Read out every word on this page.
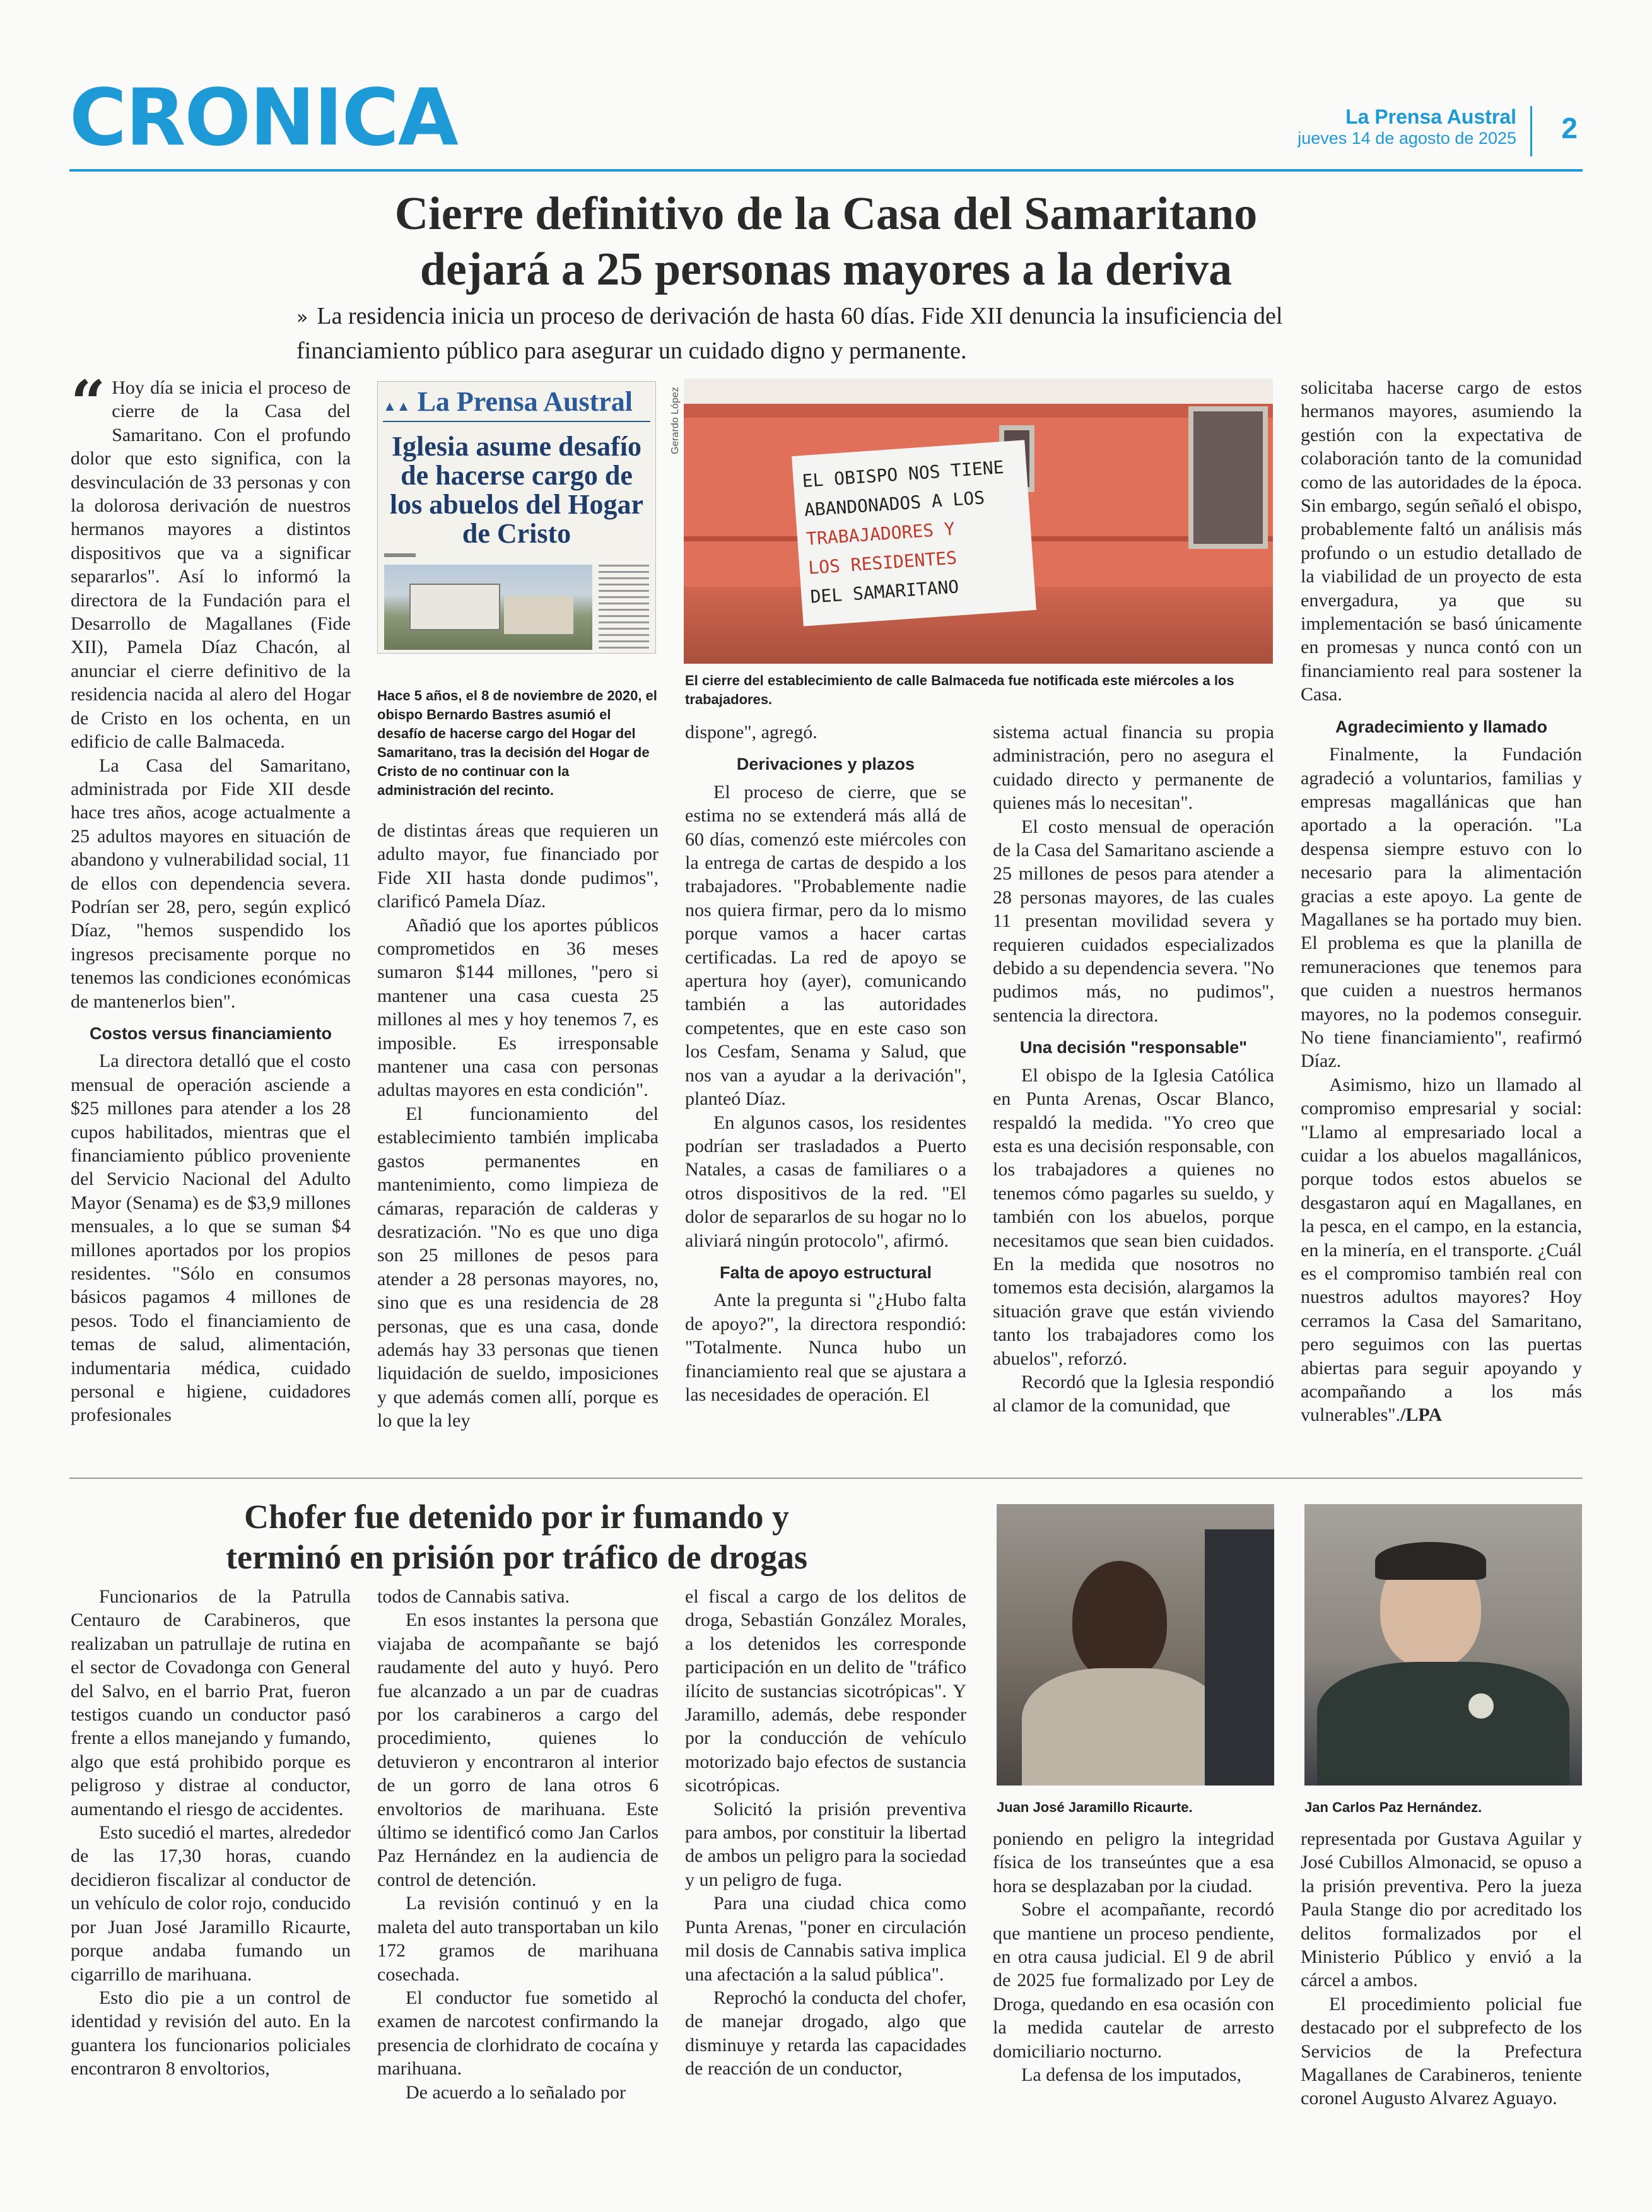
CRONICA	La Prensa Austral
jueves 14 de agosto de 2025 2
Cierre definitivo de la Casa del Samaritano
dejará a 25 personas mayores a la deriva
» La residencia inicia un proceso de derivación de hasta 60 días. Fide XII denuncia la insuficiencia del financiamiento público para asegurar un cuidado digno y permanente.

“ Hoy día se inicia el proceso de cierre de la Casa del Samaritano. Con el profundo dolor que esto significa, con la desvinculación de 33 personas y con la dolorosa derivación de nuestros hermanos mayores a distintos dispositivos que va a significar separarlos". Así lo informó la directora de la Fundación para el Desarrollo de Magallanes (Fide XII), Pamela Díaz Chacón, al anunciar el cierre definitivo de la residencia nacida al alero del Hogar de Cristo en los ochenta, en un edificio de calle Balmaceda.

La Casa del Samaritano, administrada por Fide XII desde hace tres años, acoge actualmente a 25 adultos mayores en situación de abandono y vulnerabilidad social, 11 de ellos con dependencia severa. Podrían ser 28, pero, según explicó Díaz, "hemos suspendido los ingresos precisamente porque no tenemos las condiciones económicas de mantenerlos bien".

Costos versus financiamiento

La directora detalló que el costo mensual de operación asciende a $25 millones para atender a los 28 cupos habilitados, mientras que el financiamiento público proveniente del Servicio Nacional del Adulto Mayor (Senama) es de $3,9 millones mensuales, a lo que se suman $4 millones aportados por los propios residentes. "Sólo en consumos básicos pagamos 4 millones de pesos. Todo el financiamiento de temas de salud, alimentación, indumentaria médica, cuidado personal e higiene, cuidadores profesionales

▲▲ La Prensa Austral
Iglesia asume desafío de hacerse cargo de los abuelos del Hogar de Cristo
Hace 5 años, el 8 de noviembre de 2020, el obispo Bernardo Bastres asumió el desafío de hacerse cargo del Hogar del Samaritano, tras la decisión del Hogar de Cristo de no continuar con la administración del recinto.
EL OBISPO NOS TIENE
ABANDONADOS A LOS
TRABAJADORES Y
LOS RESIDENTES
DEL SAMARITANO
Gerardo López
El cierre del establecimiento de calle Balmaceda fue notificada este miércoles a los trabajadores.

de distintas áreas que requieren un adulto mayor, fue financiado por Fide XII hasta donde pudimos", clarificó Pamela Díaz.

Añadió que los aportes públicos comprometidos en 36 meses sumaron $144 millones, "pero si mantener una casa cuesta 25 millones al mes y hoy tenemos 7, es imposible. Es irresponsable mantener una casa con personas adultas mayores en esta condición".

El funcionamiento del establecimiento también implicaba gastos permanentes en mantenimiento, como limpieza de cámaras, reparación de calderas y desratización. "No es que uno diga son 25 millones de pesos para atender a 28 personas mayores, no, sino que es una residencia de 28 personas, que es una casa, donde además hay 33 personas que tienen liquidación de sueldo, imposiciones y que además comen allí, porque es lo que la ley

dispone", agregó.

Derivaciones y plazos

El proceso de cierre, que se estima no se extenderá más allá de 60 días, comenzó este miércoles con la entrega de cartas de despido a los trabajadores. "Probablemente nadie nos quiera firmar, pero da lo mismo porque vamos a hacer cartas certificadas. La red de apoyo se apertura hoy (ayer), comunicando también a las autoridades competentes, que en este caso son los Cesfam, Senama y Salud, que nos van a ayudar a la derivación", planteó Díaz.

En algunos casos, los residentes podrían ser trasladados a Puerto Natales, a casas de familiares o a otros dispositivos de la red. "El dolor de separarlos de su hogar no lo aliviará ningún protocolo", afirmó.

Falta de apoyo estructural

Ante la pregunta si "¿Hubo falta de apoyo?", la directora respondió: "Totalmente. Nunca hubo un financiamiento real que se ajustara a las necesidades de operación. El

sistema actual financia su propia administración, pero no asegura el cuidado directo y permanente de quienes más lo necesitan".

El costo mensual de operación de la Casa del Samaritano asciende a 25 millones de pesos para atender a 28 personas mayores, de las cuales 11 presentan movilidad severa y requieren cuidados especializados debido a su dependencia severa. "No pudimos más, no pudimos", sentencia la directora.

Una decisión "responsable"

El obispo de la Iglesia Católica en Punta Arenas, Oscar Blanco, respaldó la medida. "Yo creo que esta es una decisión responsable, con los trabajadores a quienes no tenemos cómo pagarles su sueldo, y también con los abuelos, porque necesitamos que sean bien cuidados. En la medida que nosotros no tomemos esta decisión, alargamos la situación grave que están viviendo tanto los trabajadores como los abuelos", reforzó.

Recordó que la Iglesia respondió al clamor de la comunidad, que

solicitaba hacerse cargo de estos hermanos mayores, asumiendo la gestión con la expectativa de colaboración tanto de la comunidad como de las autoridades de la época. Sin embargo, según señaló el obispo, probablemente faltó un análisis más profundo o un estudio detallado de la viabilidad de un proyecto de esta envergadura, ya que su implementación se basó únicamente en promesas y nunca contó con un financiamiento real para sostener la Casa.

Agradecimiento y llamado

Finalmente, la Fundación agradeció a voluntarios, familias y empresas magallánicas que han aportado a la operación. "La despensa siempre estuvo con lo necesario para la alimentación gracias a este apoyo. La gente de Magallanes se ha portado muy bien. El problema es que la planilla de remuneraciones que tenemos para que cuiden a nuestros hermanos mayores, no la podemos conseguir. No tiene financiamiento", reafirmó Díaz.

Asimismo, hizo un llamado al compromiso empresarial y social: "Llamo al empresariado local a cuidar a los abuelos magallánicos, porque todos estos abuelos se desgastaron aquí en Magallanes, en la pesca, en el campo, en la estancia, en la minería, en el transporte. ¿Cuál es el compromiso también real con nuestros adultos mayores? Hoy cerramos la Casa del Samaritano, pero seguimos con las puertas abiertas para seguir apoyando y acompañando a los más vulnerables"./LPA

Chofer fue detenido por ir fumando y
terminó en prisión por tráfico de drogas
Juan José Jaramillo Ricaurte.	Jan Carlos Paz Hernández.

Funcionarios de la Patrulla Centauro de Carabineros, que realizaban un patrullaje de rutina en el sector de Covadonga con General del Salvo, en el barrio Prat, fueron testigos cuando un conductor pasó frente a ellos manejando y fumando, algo que está prohibido porque es peligroso y distrae al conductor, aumentando el riesgo de accidentes.

Esto sucedió el martes, alrededor de las 17,30 horas, cuando decidieron fiscalizar al conductor de un vehículo de color rojo, conducido por Juan José Jaramillo Ricaurte, porque andaba fumando un cigarrillo de marihuana.

Esto dio pie a un control de identidad y revisión del auto. En la guantera los funcionarios policiales encontraron 8 envoltorios,

todos de Cannabis sativa.

En esos instantes la persona que viajaba de acompañante se bajó raudamente del auto y huyó. Pero fue alcanzado a un par de cuadras por los carabineros a cargo del procedimiento, quienes lo detuvieron y encontraron al interior de un gorro de lana otros 6 envoltorios de marihuana. Este último se identificó como Jan Carlos Paz Hernández en la audiencia de control de detención.

La revisión continuó y en la maleta del auto transportaban un kilo 172 gramos de marihuana cosechada.

El conductor fue sometido al examen de narcotest confirmando la presencia de clorhidrato de cocaína y marihuana.

De acuerdo a lo señalado por

el fiscal a cargo de los delitos de droga, Sebastián González Morales, a los detenidos les corresponde participación en un delito de "tráfico ilícito de sustancias sicotrópicas". Y Jaramillo, además, debe responder por la conducción de vehículo motorizado bajo efectos de sustancia sicotrópicas.

Solicitó la prisión preventiva para ambos, por constituir la libertad de ambos un peligro para la sociedad y un peligro de fuga.

Para una ciudad chica como Punta Arenas, "poner en circulación mil dosis de Cannabis sativa implica una afectación a la salud pública".

Reprochó la conducta del chofer, de manejar drogado, algo que disminuye y retarda las capacidades de reacción de un conductor,

poniendo en peligro la integridad física de los transeúntes que a esa hora se desplazaban por la ciudad.

Sobre el acompañante, recordó que mantiene un proceso pendiente, en otra causa judicial. El 9 de abril de 2025 fue formalizado por Ley de Droga, quedando en esa ocasión con la medida cautelar de arresto domiciliario nocturno.

La defensa de los imputados,

representada por Gustava Aguilar y José Cubillos Almonacid, se opuso a la prisión preventiva. Pero la jueza Paula Stange dio por acreditado los delitos formalizados por el Ministerio Público y envió a la cárcel a ambos.

El procedimiento policial fue destacado por el subprefecto de los Servicios de la Prefectura Magallanes de Carabineros, teniente coronel Augusto Alvarez Aguayo.
